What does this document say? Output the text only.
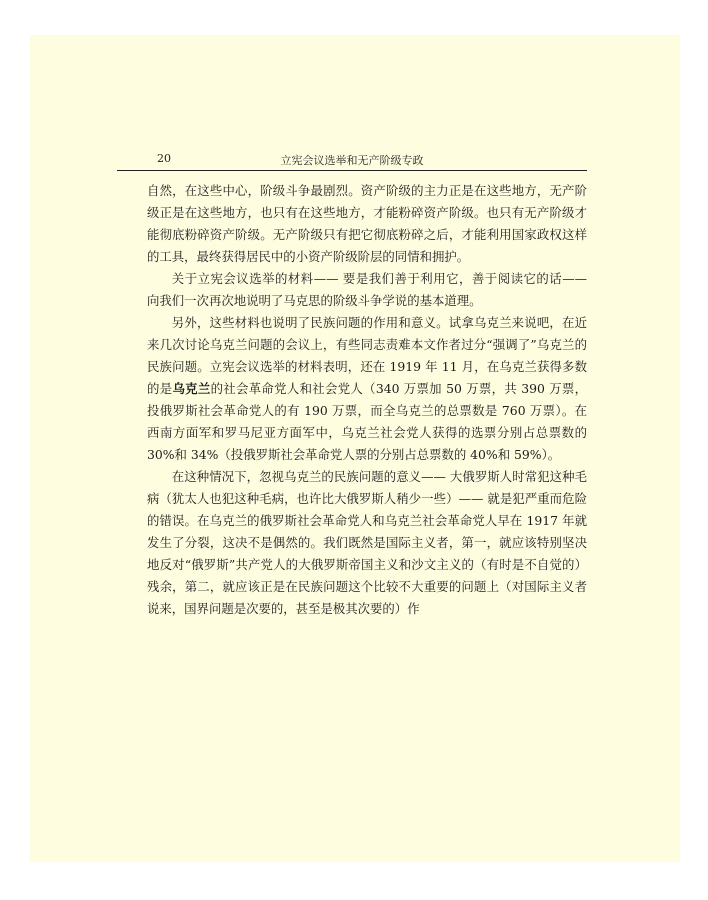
20	立宪会议选举和无产阶级专政

自然，在这些中心，阶级斗争最剧烈。资产阶级的主力正是在这些地方，无产阶级正是在这些地方，也只有在这些地方，才能粉碎资产阶级。也只有无产阶级才能彻底粉碎资产阶级。无产阶级只有把它彻底粉碎之后，才能利用国家政权这样的工具，最终获得居民中的小资产阶级阶层的同情和拥护。

关于立宪会议选举的材料—— 要是我们善于利用它，善于阅读它的话—— 向我们一次再次地说明了马克思的阶级斗争学说的基本道理。

另外，这些材料也说明了民族问题的作用和意义。试拿乌克兰来说吧，在近来几次讨论乌克兰问题的会议上，有些同志责难本文作者过分“强调了”乌克兰的民族问题。立宪会议选举的材料表明，还在 1919 年 11 月，在乌克兰获得多数的是乌克兰的社会革命党人和社会党人（340 万票加 50 万票，共 390 万票，投俄罗斯社会革命党人的有 190 万票，而全乌克兰的总票数是 760 万票）。在西南方面军和罗马尼亚方面军中，乌克兰社会党人获得的选票分别占总票数的 30%和 34%（投俄罗斯社会革命党人票的分别占总票数的 40%和 59%）。

在这种情况下，忽视乌克兰的民族问题的意义—— 大俄罗斯人时常犯这种毛病（犹太人也犯这种毛病，也许比大俄罗斯人稍少一些）—— 就是犯严重而危险的错误。在乌克兰的俄罗斯社会革命党人和乌克兰社会革命党人早在 1917 年就发生了分裂，这决不是偶然的。我们既然是国际主义者，第一，就应该特别坚决地反对“俄罗斯”共产党人的大俄罗斯帝国主义和沙文主义的（有时是不自觉的）残余，第二，就应该正是在民族问题这个比较不大重要的问题上（对国际主义者说来，国界问题是次要的，甚至是极其次要的）作
